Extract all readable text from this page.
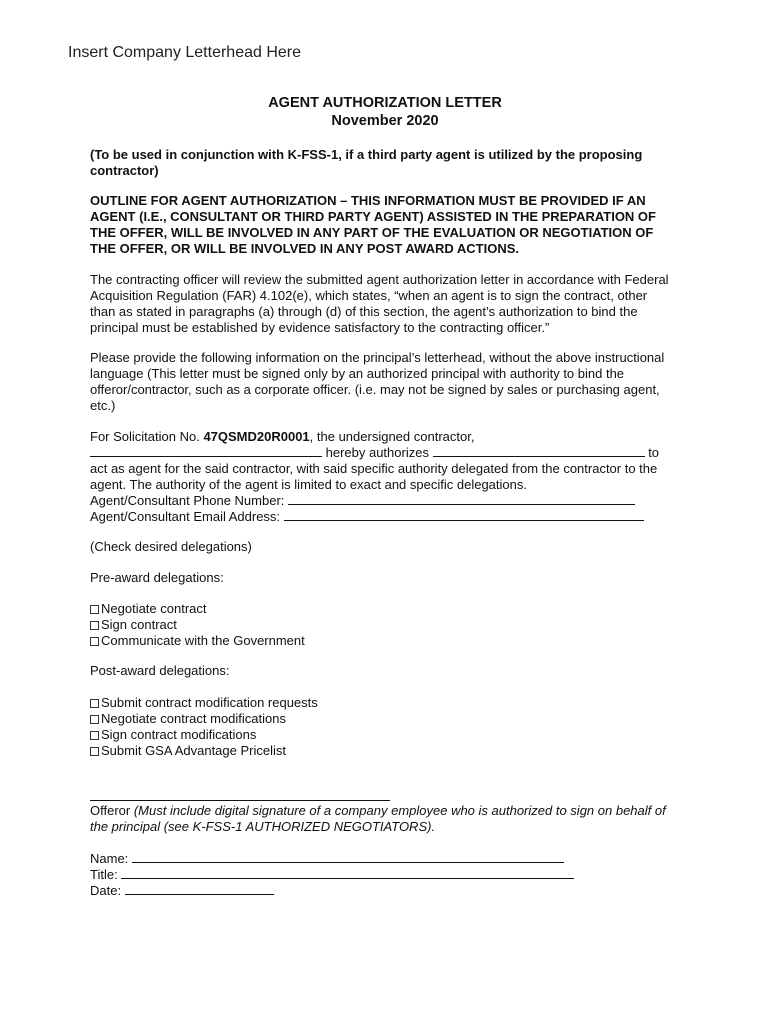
Insert Company Letterhead Here
AGENT AUTHORIZATION LETTER
November 2020
(To be used in conjunction with K-FSS-1, if a third party agent is utilized by the proposing contractor)
OUTLINE FOR AGENT AUTHORIZATION – THIS INFORMATION MUST BE PROVIDED IF AN
AGENT (I.E., CONSULTANT OR THIRD PARTY AGENT) ASSISTED IN THE PREPARATION OF
THE OFFER, WILL BE INVOLVED IN ANY PART OF THE EVALUATION OR NEGOTIATION OF
THE OFFER, OR WILL BE INVOLVED IN ANY POST AWARD ACTIONS.
The contracting officer will review the submitted agent authorization letter in accordance with Federal
Acquisition Regulation (FAR) 4.102(e), which states, “when an agent is to sign the contract, other
than as stated in paragraphs (a) through (d) of this section, the agent’s authorization to bind the
principal must be established by evidence satisfactory to the contracting officer.”
Please provide the following information on the principal’s letterhead, without the above instructional
language (This letter must be signed only by an authorized principal with authority to bind the
offeror/contractor, such as a corporate officer. (i.e. may not be signed by sales or purchasing agent,
etc.)
For Solicitation No. 47QSMD20R0001, the undersigned contractor,
hereby authorizes	to
act as agent for the said contractor, with said specific authority delegated from the contractor to the
agent. The authority of the agent is limited to exact and specific delegations.
Agent/Consultant Phone Number:
Agent/Consultant Email Address:
(Check desired delegations)
Pre-award delegations:
Negotiate contract
Sign contract
Communicate with the Government
Post-award delegations:
Submit contract modification requests
Negotiate contract modifications
Sign contract modifications
Submit GSA Advantage Pricelist
Offeror (Must include digital signature of a company employee who is authorized to sign on behalf of
the principal (see K-FSS-1 AUTHORIZED NEGOTIATORS).
Name:
Title:
Date:
